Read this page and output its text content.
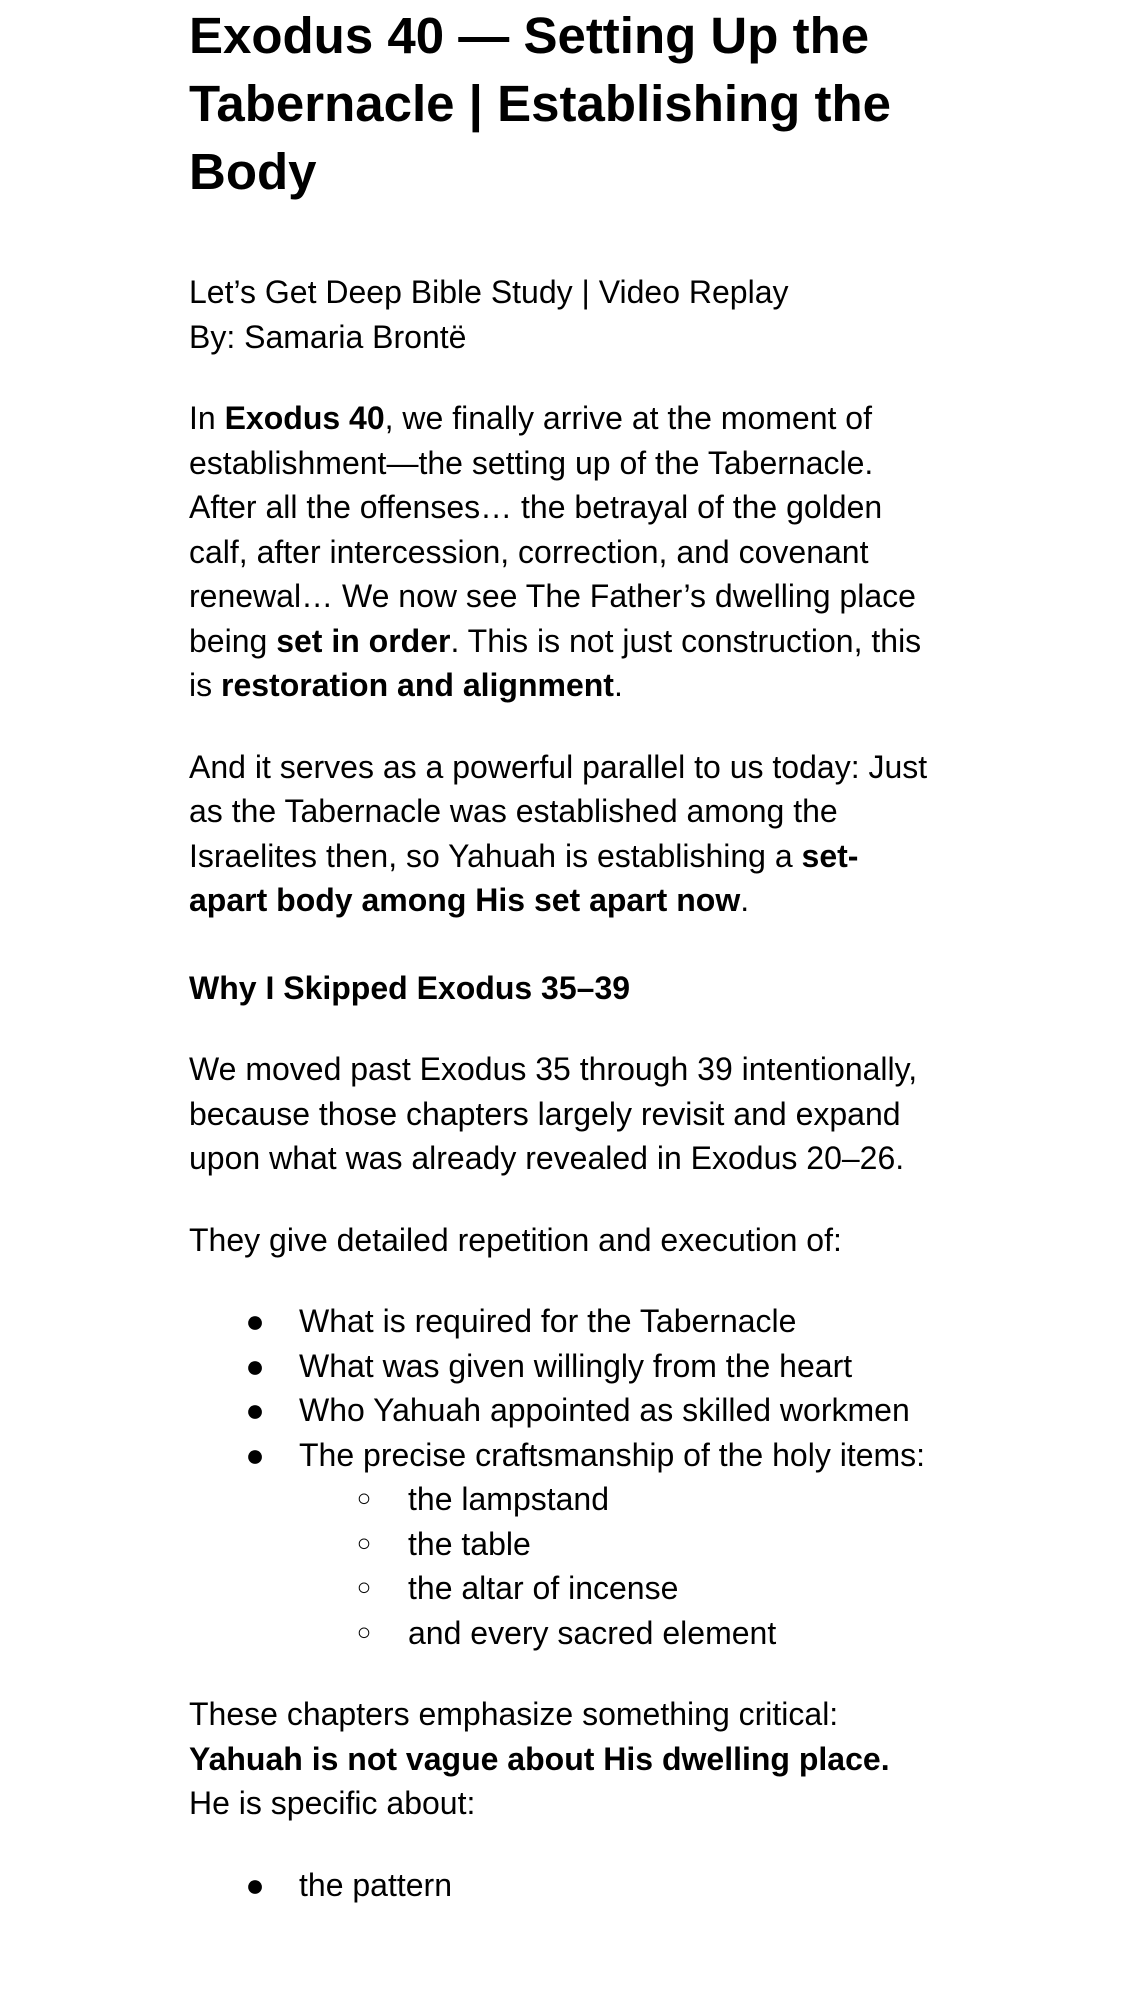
Exodus 40 — Setting Up the Tabernacle | Establishing the Body

Let’s Get Deep Bible Study | Video Replay
By: Samaria Brontë

In Exodus 40, we finally arrive at the moment of establishment—the setting up of the Tabernacle. After all the offenses… the betrayal of the golden calf, after intercession, correction, and covenant renewal… We now see The Father’s dwelling place being set in order. This is not just construction, this is restoration and alignment.

And it serves as a powerful parallel to us today: Just as the Tabernacle was established among the Israelites then, so Yahuah is establishing a set-apart body among His set apart now.

Why I Skipped Exodus 35–39

We moved past Exodus 35 through 39 intentionally, because those chapters largely revisit and expand upon what was already revealed in Exodus 20–26.

They give detailed repetition and execution of:

● What is required for the Tabernacle
● What was given willingly from the heart
● Who Yahuah appointed as skilled workmen
● The precise craftsmanship of the holy items:
○ the lampstand
○ the table
○ the altar of incense
○ and every sacred element

These chapters emphasize something critical: Yahuah is not vague about His dwelling place. He is specific about:

● the pattern
